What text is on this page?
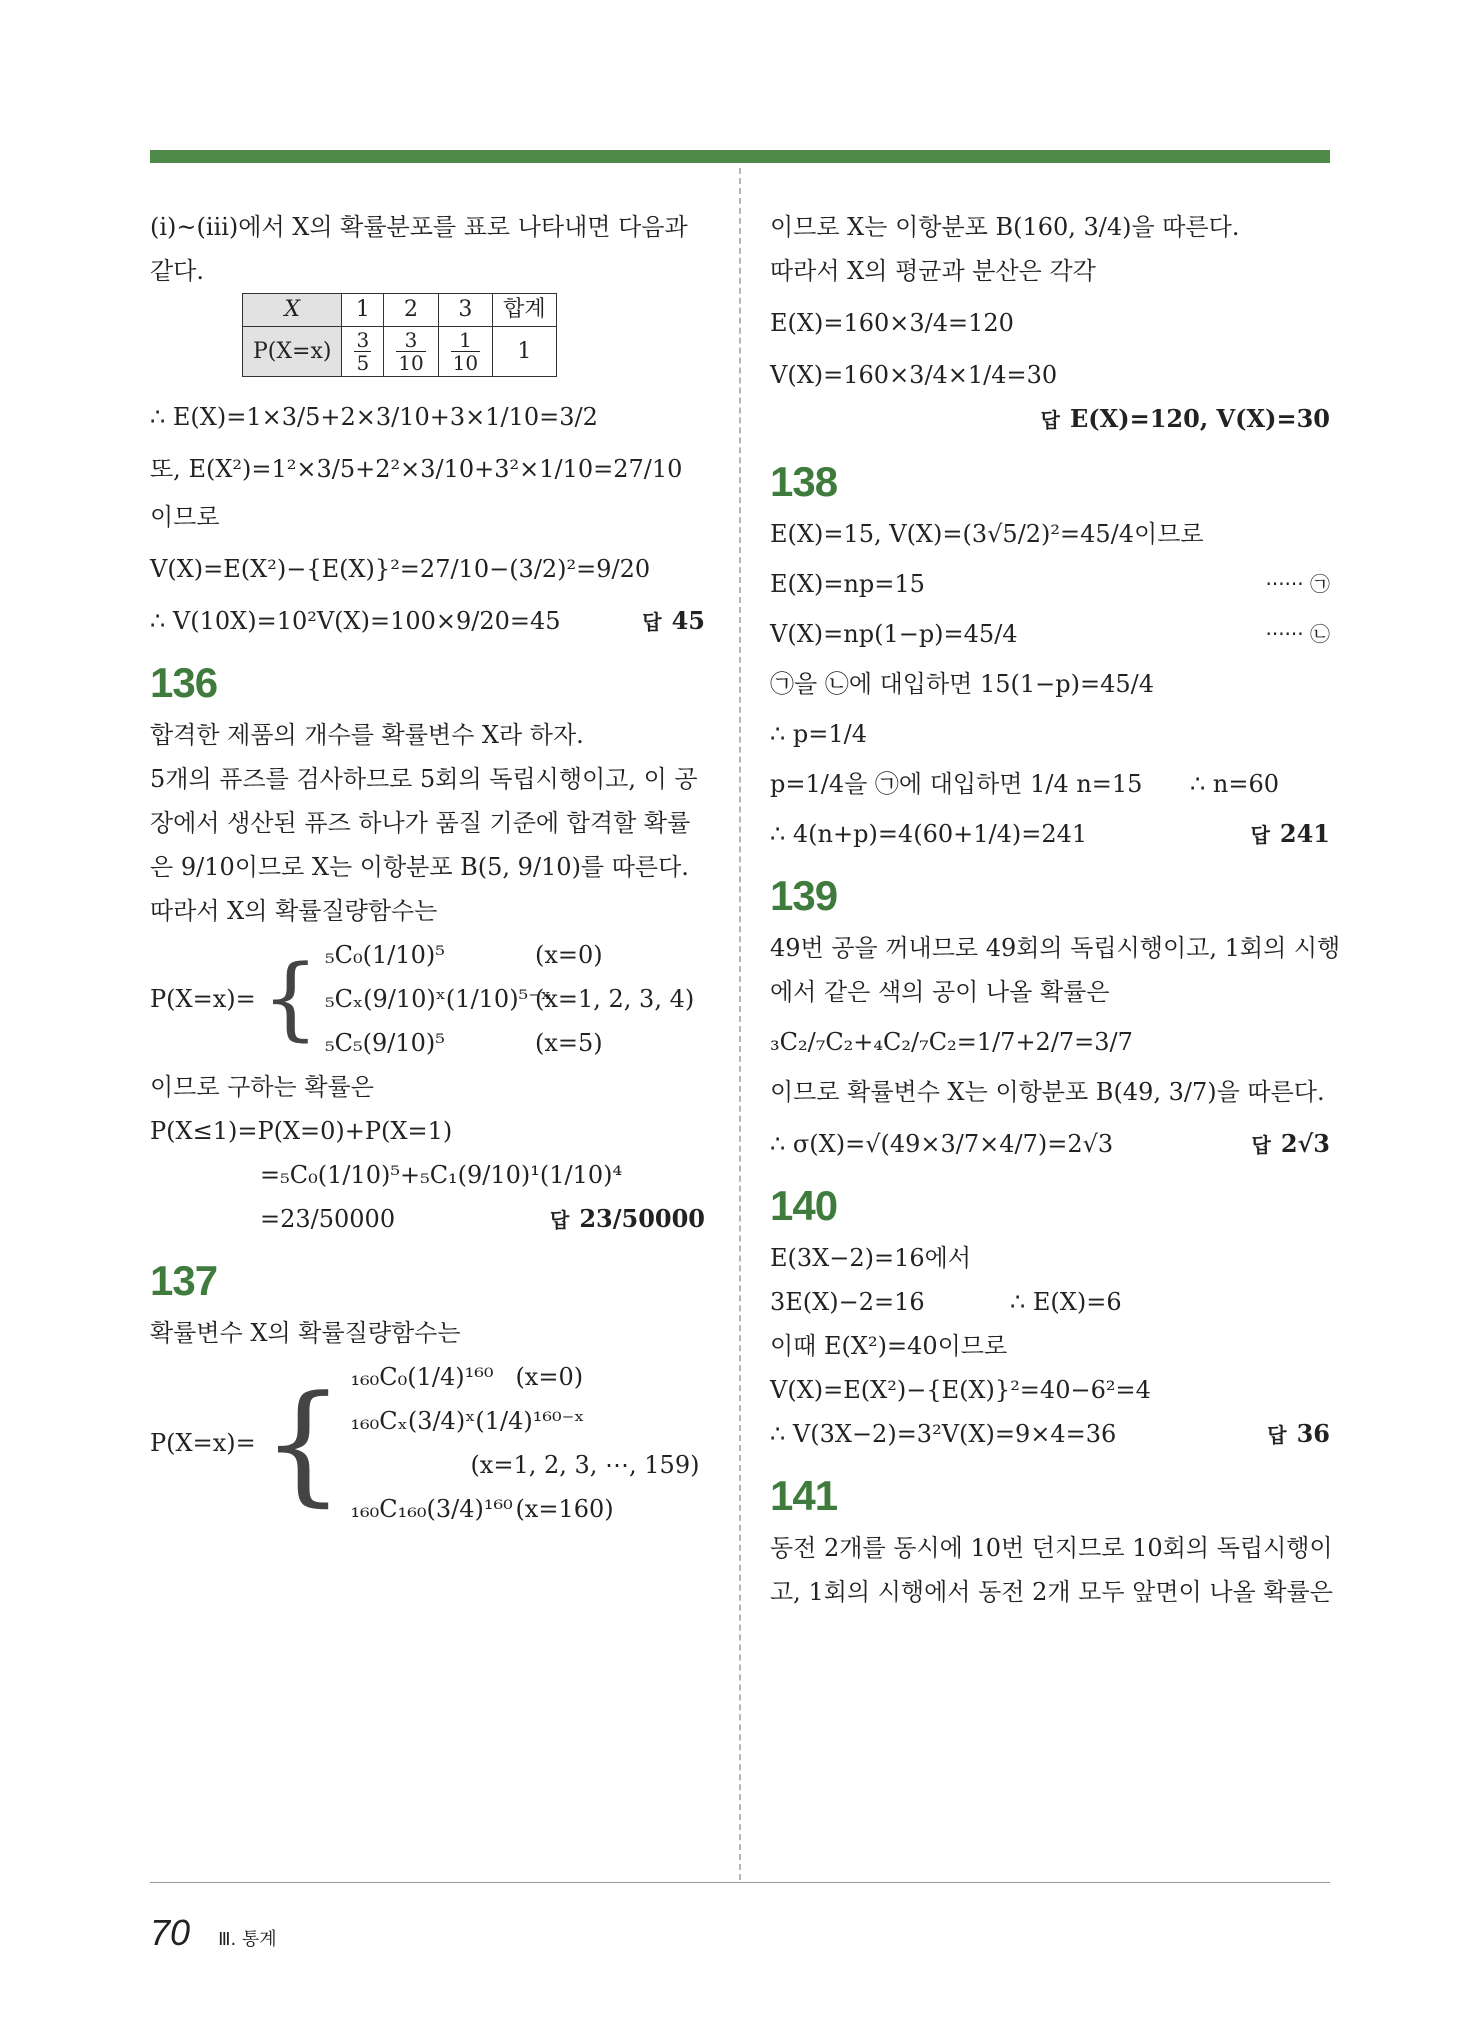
(ⅰ)~(ⅲ)에서 X의 확률분포를 표로 나타내면 다음과
같다.
X	1	2	3	합계
P(X=x)	$\frac{3}{5}$	$\frac{3}{10}$	$\frac{1}{10}$	1
∴ E(X)=1×3/5+2×3/10+3×1/10=3/2
또, E(X²)=1²×3/5+2²×3/10+3²×1/10=27/10
이므로
V(X)=E(X²)−{E(X)}²=27/10−(3/2)²=9/20
∴ V(10X)=10²V(X)=100×9/20=45	답 45
136
합격한 제품의 개수를 확률변수 X라 하자.
5개의 퓨즈를 검사하므로 5회의 독립시행이고, 이 공
장에서 생산된 퓨즈 하나가 품질 기준에 합격할 확률
은 9/10이므로 X는 이항분포 B(5, 9/10)를 따른다.
따라서 X의 확률질량함수는
P(X=x)= { ₅C₀(1/10)⁵	(x=0)
₅Cₓ(9/10)ˣ(1/10)⁵⁻ˣ
(x=1, 2, 3, 4)
₅C₅(9/10)⁵	(x=5)
이므로 구하는 확률은
P(X≤1)=P(X=0)+P(X=1)
=₅C₀(1/10)⁵+₅C₁(9/10)¹(1/10)⁴
=23/50000	답 23/50000
137
확률변수 X의 확률질량함수는
P(X=x)= { ₁₆₀C₀(1/4)¹⁶⁰ (x=0)
₁₆₀Cₓ(3/4)ˣ(1/4)¹⁶⁰⁻ˣ
(x=1, 2, 3, ⋯, 159)
₁₆₀C₁₆₀(3/4)¹⁶⁰ (x=160)
이므로 X는 이항분포 B(160, 3/4)을 따른다.
따라서 X의 평균과 분산은 각각
E(X)=160×3/4=120
V(X)=160×3/4×1/4=30
답 E(X)=120, V(X)=30
138
E(X)=15, V(X)=(3√5/2)²=45/4이므로
E(X)=np=15	······ ㉠
V(X)=np(1−p)=45/4	······ ㉡
㉠을 ㉡에 대입하면 15(1−p)=45/4
∴ p=1/4
p=1/4을 ㉠에 대입하면 1/4 n=15 ∴ n=60
∴ 4(n+p)=4(60+1/4)=241	답 241
139
49번 공을 꺼내므로 49회의 독립시행이고, 1회의 시행
에서 같은 색의 공이 나올 확률은
₃C₂/₇C₂+₄C₂/₇C₂=1/7+2/7=3/7
이므로 확률변수 X는 이항분포 B(49, 3/7)을 따른다.
∴ σ(X)=√(49×3/7×4/7)=2√3	답 2√3
140
E(3X−2)=16에서
3E(X)−2=16	∴ E(X)=6
이때 E(X²)=40이므로
V(X)=E(X²)−{E(X)}²=40−6²=4
∴ V(3X−2)=3²V(X)=9×4=36	답 36
141
동전 2개를 동시에 10번 던지므로 10회의 독립시행이
고, 1회의 시행에서 동전 2개 모두 앞면이 나올 확률은
70 Ⅲ. 통계
